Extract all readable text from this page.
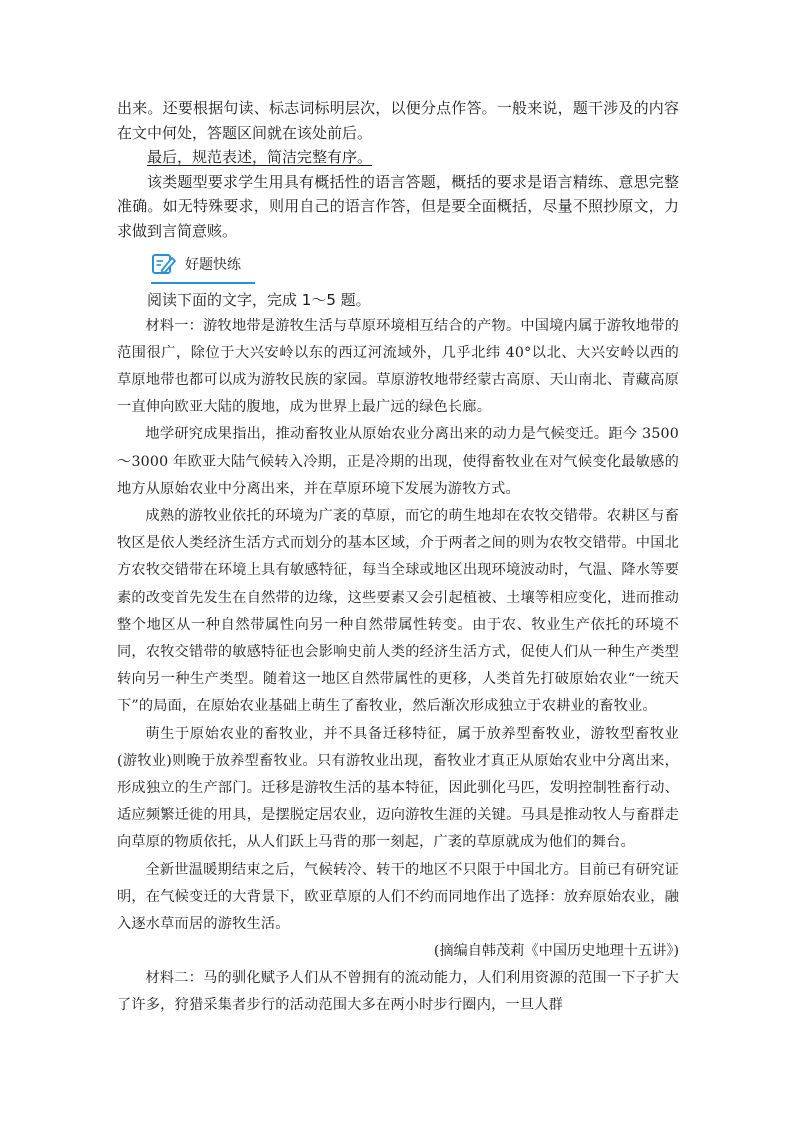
出来。还要根据句读、标志词标明层次，以便分点作答。一般来说，题干涉及的内容在文中何处，答题区间就在该处前后。

最后，规范表述，简洁完整有序。

该类题型要求学生用具有概括性的语言答题，概括的要求是语言精练、意思完整准确。如无特殊要求，则用自己的语言作答，但是要全面概括，尽量不照抄原文，力求做到言简意赅。

好题快练

阅读下面的文字，完成 1～5 题。

材料一：游牧地带是游牧生活与草原环境相互结合的产物。中国境内属于游牧地带的范围很广，除位于大兴安岭以东的西辽河流域外，几乎北纬 40°以北、大兴安岭以西的草原地带也都可以成为游牧民族的家园。草原游牧地带经蒙古高原、天山南北、青藏高原一直伸向欧亚大陆的腹地，成为世界上最广远的绿色长廊。

地学研究成果指出，推动畜牧业从原始农业分离出来的动力是气候变迁。距今 3500～3000 年欧亚大陆气候转入冷期，正是冷期的出现，使得畜牧业在对气候变化最敏感的地方从原始农业中分离出来，并在草原环境下发展为游牧方式。

成熟的游牧业依托的环境为广袤的草原，而它的萌生地却在农牧交错带。农耕区与畜牧区是依人类经济生活方式而划分的基本区域，介于两者之间的则为农牧交错带。中国北方农牧交错带在环境上具有敏感特征，每当全球或地区出现环境波动时，气温、降水等要素的改变首先发生在自然带的边缘，这些要素又会引起植被、土壤等相应变化，进而推动整个地区从一种自然带属性向另一种自然带属性转变。由于农、牧业生产依托的环境不同，农牧交错带的敏感特征也会影响史前人类的经济生活方式，促使人们从一种生产类型转向另一种生产类型。随着这一地区自然带属性的更移，人类首先打破原始农业“一统天下”的局面，在原始农业基础上萌生了畜牧业，然后渐次形成独立于农耕业的畜牧业。

萌生于原始农业的畜牧业，并不具备迁移特征，属于放养型畜牧业，游牧型畜牧业(游牧业)则晚于放养型畜牧业。只有游牧业出现，畜牧业才真正从原始农业中分离出来，形成独立的生产部门。迁移是游牧生活的基本特征，因此驯化马匹，发明控制牲畜行动、适应频繁迁徙的用具，是摆脱定居农业，迈向游牧生涯的关键。马具是推动牧人与畜群走向草原的物质依托，从人们跃上马背的那一刻起，广袤的草原就成为他们的舞台。

全新世温暖期结束之后，气候转冷、转干的地区不只限于中国北方。目前已有研究证明，在气候变迁的大背景下，欧亚草原的人们不约而同地作出了选择：放弃原始农业，融入逐水草而居的游牧生活。

(摘编自韩茂莉《中国历史地理十五讲》)

材料二：马的驯化赋予人们从不曾拥有的流动能力，人们利用资源的范围一下子扩大了许多，狩猎采集者步行的活动范围大多在两小时步行圈内，一旦人群
